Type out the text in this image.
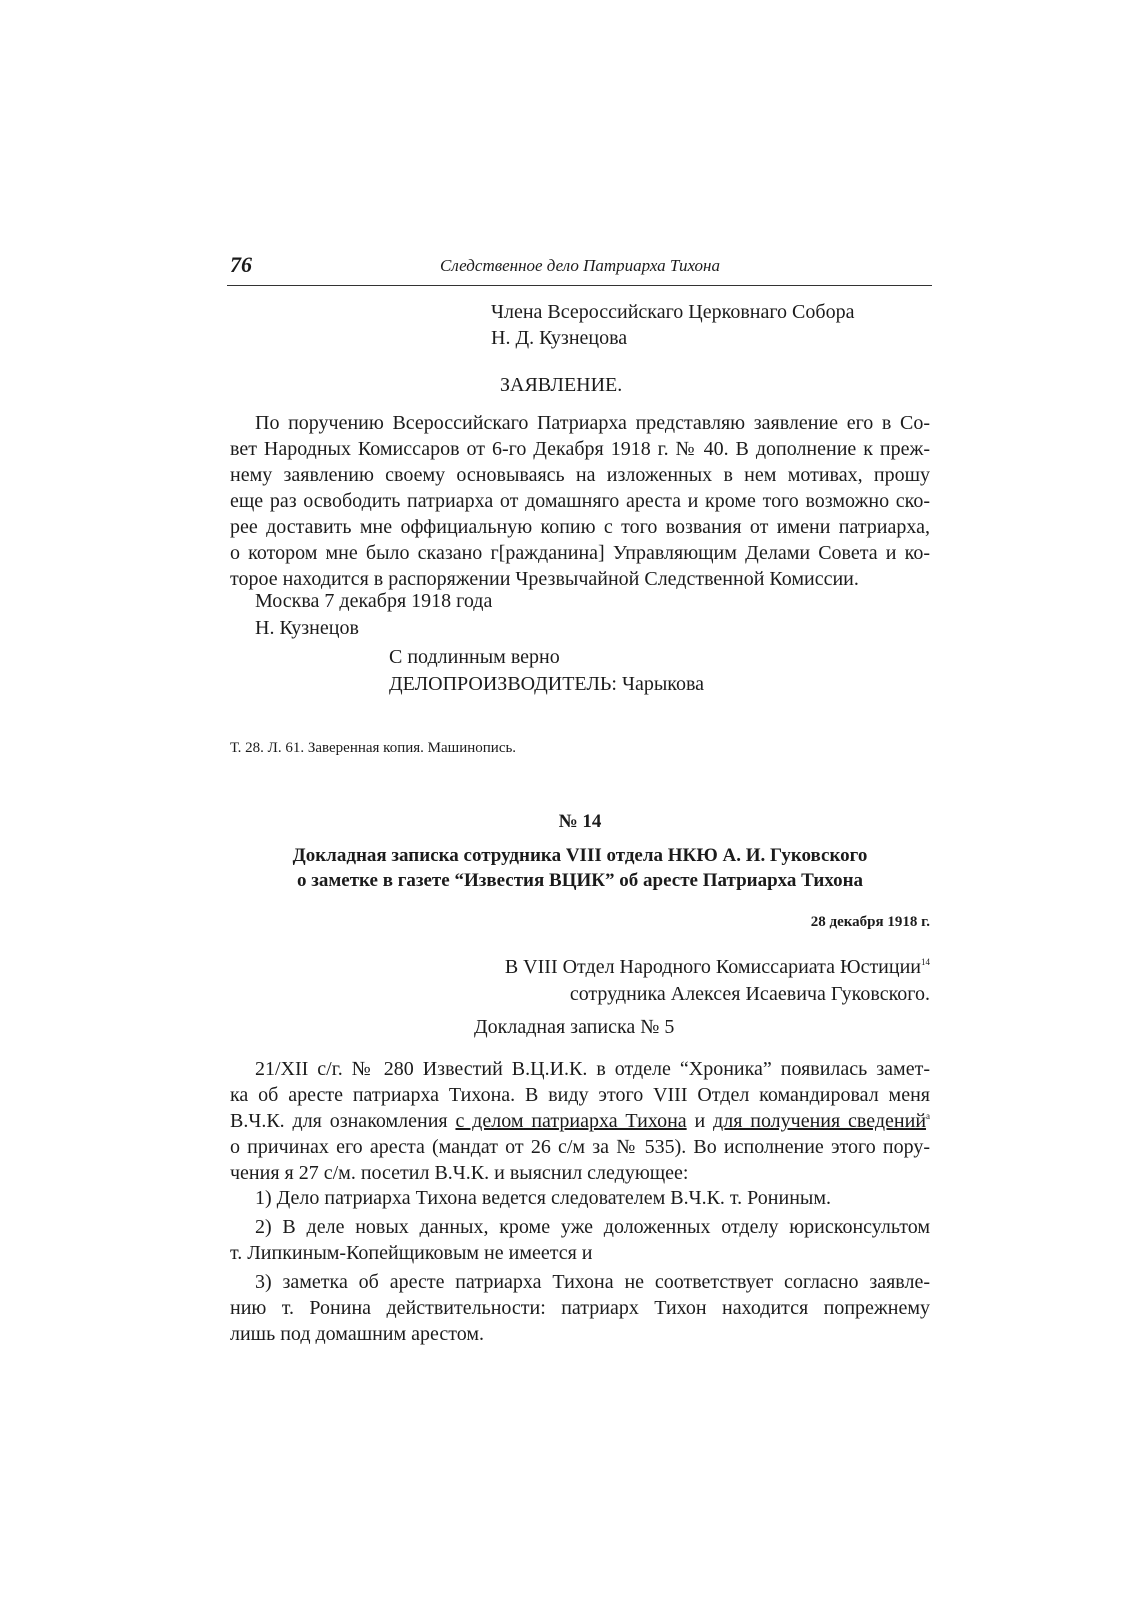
76	Следственное дело Патриарха Тихона
Члена Всероссийскаго Церковнаго Собора
Н. Д. Кузнецова
ЗАЯВЛЕНИЕ.
По поручению Всероссийскаго Патриарха представляю заявление его в Со-
вет Народных Комиссаров от 6-го Декабря 1918 г. № 40. В дополнение к преж-
нему заявлению своему основываясь на изложенных в нем мотивах, прошу
еще раз освободить патриарха от домашняго ареста и кроме того возможно ско-
рее доставить мне оффициальную копию с того возвания от имени патриарха,
о котором мне было сказано г[ражданина] Управляющим Делами Совета и ко-
торое находится в распоряжении Чрезвычайной Следственной Комиссии.
Москва 7 декабря 1918 года
Н. Кузнецов
С подлинным верно
ДЕЛОПРОИЗВОДИТЕЛЬ: Чарыкова
Т. 28. Л. 61. Заверенная копия. Машинопись.
№ 14
Докладная записка сотрудника VIII отдела НКЮ А. И. Гуковского
о заметке в газете “Известия ВЦИК” об аресте Патриарха Тихона
28 декабря 1918 г.
В VIII Отдел Народного Комиссариата Юстиции$^{14}$
сотрудника Алексея Исаевича Гуковского.
Докладная записка № 5
21/XII с/г. № 280 Известий В.Ц.И.К. в отделе “Хроника” появилась замет-
ка об аресте патриарха Тихона. В виду этого VIII Отдел командировал меня
В.Ч.К. для ознакомления с делом патриарха Тихона и для получения сведений$^a$
о причинах его ареста (мандат от 26 с/м за № 535). Во исполнение этого пору-
чения я 27 с/м. посетил В.Ч.К. и выяснил следующее:
1) Дело патриарха Тихона ведется следователем В.Ч.К. т. Рониным.
2) В деле новых данных, кроме уже доложенных отделу юрисконсультом
т. Липкиным-Копейщиковым не имеется и
3) заметка об аресте патриарха Тихона не соответствует согласно заявле-
нию т. Ронина действительности: патриарх Тихон находится попрежнему
лишь под домашним арестом.
